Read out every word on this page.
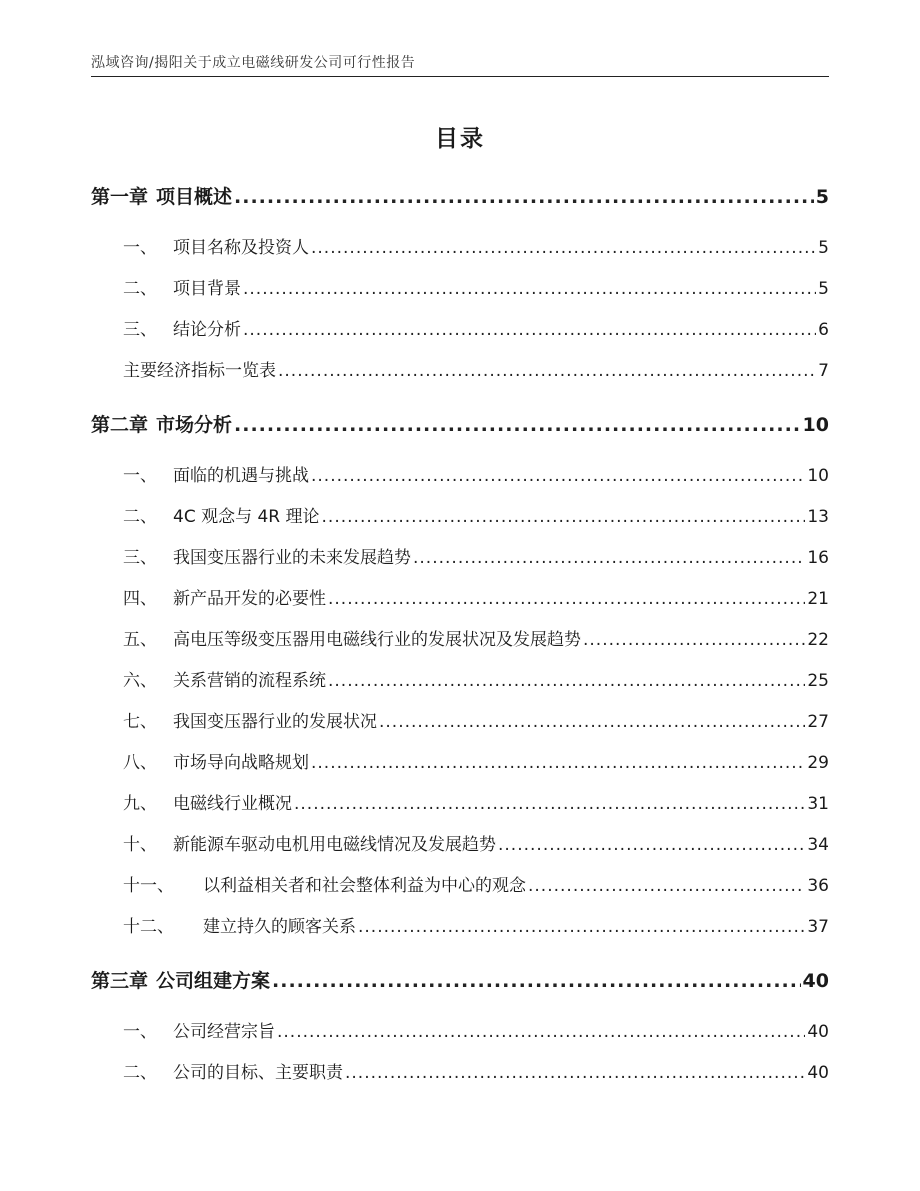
泓域咨询/揭阳关于成立电磁线研发公司可行性报告
目录
第一章 项目概述 .....	5
一、 项目名称及投资人 .....	5
二、 项目背景 .....	5
三、 结论分析 .....	6
主要经济指标一览表 .....	7
第二章 市场分析 .....	10
一、 面临的机遇与挑战 .....	10
二、 4C 观念与 4R 理论 .....	13
三、 我国变压器行业的未来发展趋势 .....	16
四、 新产品开发的必要性 .....	21
五、 高电压等级变压器用电磁线行业的发展状况及发展趋势 .....	22
六、 关系营销的流程系统 .....	25
七、 我国变压器行业的发展状况 .....	27
八、 市场导向战略规划 .....	29
九、 电磁线行业概况 .....	31
十、 新能源车驱动电机用电磁线情况及发展趋势 .....	34
十一、	以利益相关者和社会整体利益为中心的观念 .....	36
十二、	建立持久的顾客关系 .....	37
第三章 公司组建方案 .....	40
一、 公司经营宗旨 .....	40
二、 公司的目标、主要职责 .....	40
